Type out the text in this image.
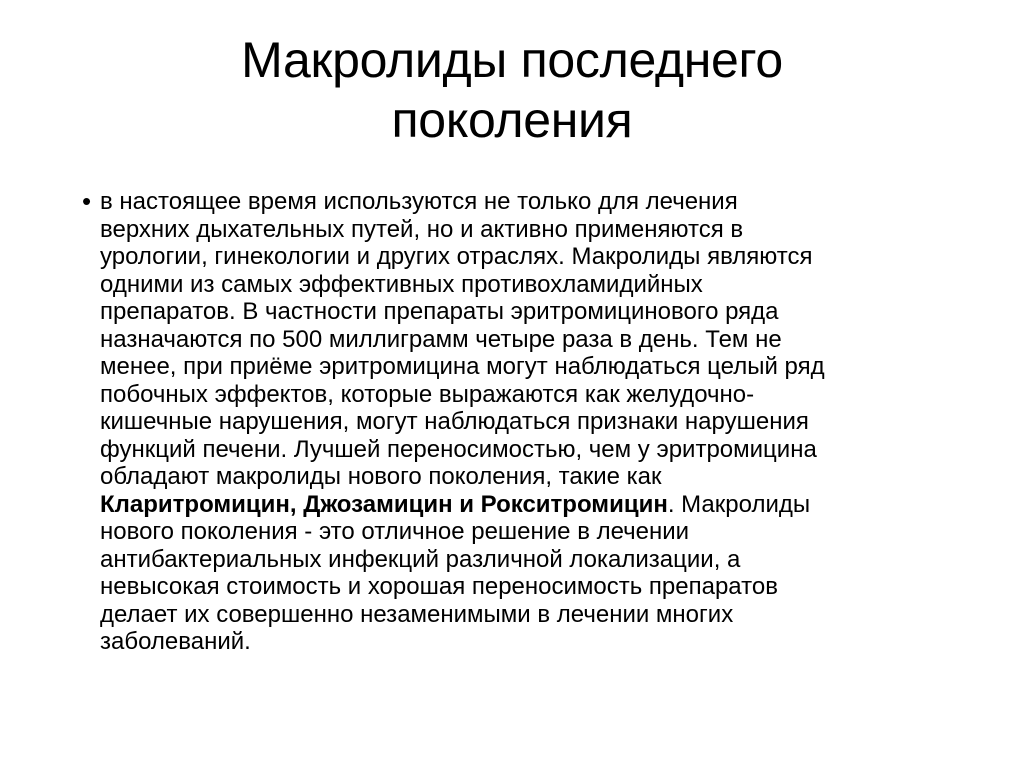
Макролиды последнего
поколения
• в настоящее время используются не только для лечения
верхних дыхательных путей, но и активно применяются в
урологии, гинекологии и других отраслях. Макролиды являются
одними из самых эффективных противохламидийных
препаратов. В частности препараты эритромицинового ряда
назначаются по 500 миллиграмм четыре раза в день. Тем не
менее, при приёме эритромицина могут наблюдаться целый ряд
побочных эффектов, которые выражаются как желудочно-
кишечные нарушения, могут наблюдаться признаки нарушения
функций печени. Лучшей переносимостью, чем у эритромицина
обладают макролиды нового поколения, такие как
Кларитромицин, Джозамицин и Рокситромицин. Макролиды
нового поколения - это отличное решение в лечении
антибактериальных инфекций различной локализации, а
невысокая стоимость и хорошая переносимость препаратов
делает их совершенно незаменимыми в лечении многих
заболеваний.
